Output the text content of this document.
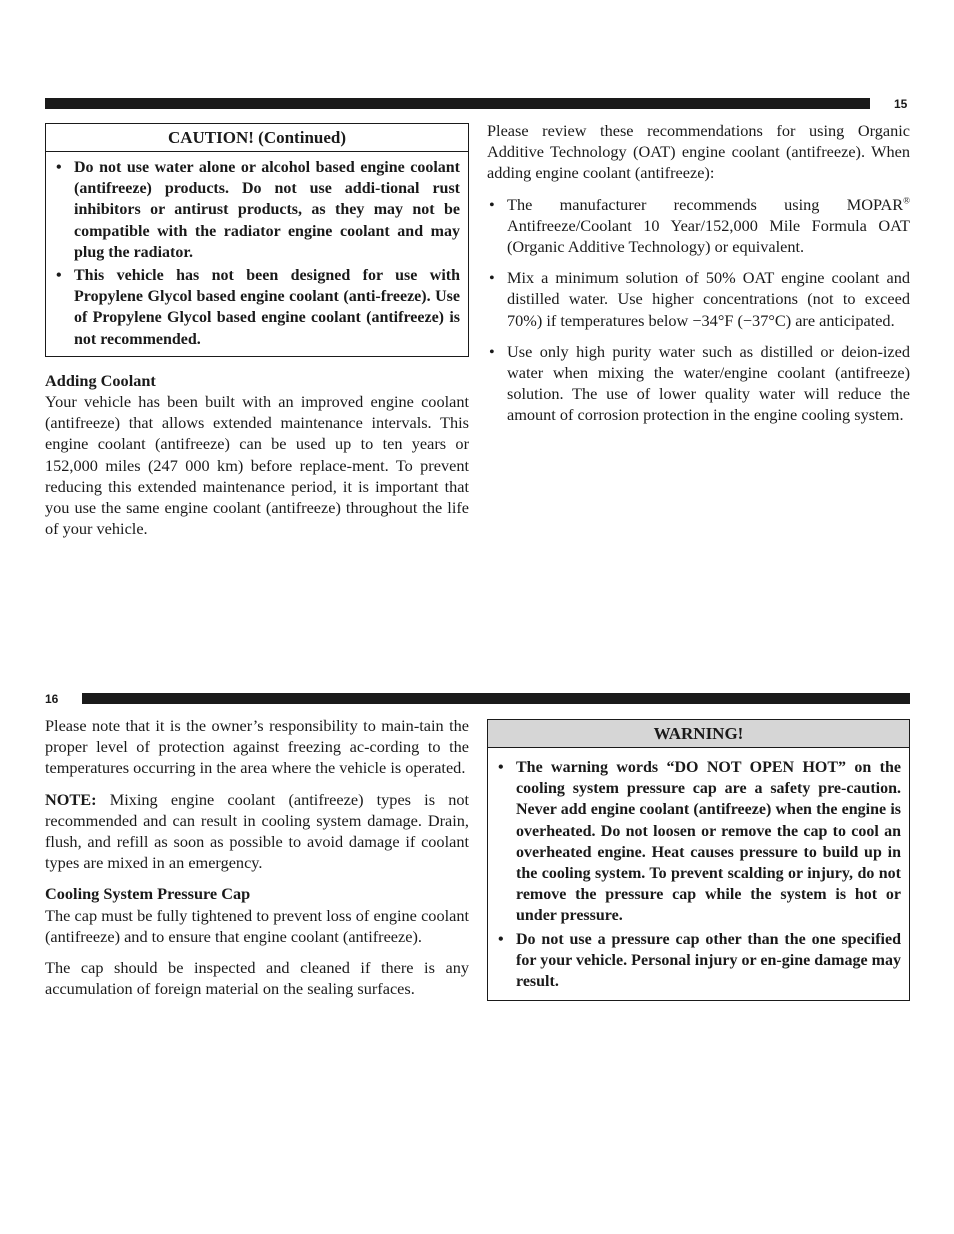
15
CAUTION! (Continued)
• Do not use water alone or alcohol based engine coolant (antifreeze) products. Do not use addi-tional rust inhibitors or antirust products, as they may not be compatible with the radiator engine coolant and may plug the radiator.
• This vehicle has not been designed for use with Propylene Glycol based engine coolant (anti-freeze). Use of Propylene Glycol based engine coolant (antifreeze) is not recommended.

Adding Coolant
Your vehicle has been built with an improved engine coolant (antifreeze) that allows extended maintenance intervals. This engine coolant (antifreeze) can be used up to ten years or 152,000 miles (247 000 km) before replace-ment. To prevent reducing this extended maintenance period, it is important that you use the same engine coolant (antifreeze) throughout the life of your vehicle.

Please review these recommendations for using Organic Additive Technology (OAT) engine coolant (antifreeze). When adding engine coolant (antifreeze):

• The manufacturer recommends using MOPAR® Antifreeze/Coolant 10 Year/152,000 Mile Formula OAT (Organic Additive Technology) or equivalent.
• Mix a minimum solution of 50% OAT engine coolant and distilled water. Use higher concentrations (not to exceed 70%) if temperatures below −34°F (−37°C) are anticipated.
• Use only high purity water such as distilled or deion-ized water when mixing the water/engine coolant (antifreeze) solution. The use of lower quality water will reduce the amount of corrosion protection in the engine cooling system.
16

Please note that it is the owner’s responsibility to main-tain the proper level of protection against freezing ac-cording to the temperatures occurring in the area where the vehicle is operated.

NOTE: Mixing engine coolant (antifreeze) types is not recommended and can result in cooling system damage. Drain, flush, and refill as soon as possible to avoid damage if coolant types are mixed in an emergency.

Cooling System Pressure Cap
The cap must be fully tightened to prevent loss of engine coolant (antifreeze) and to ensure that engine coolant (antifreeze).

The cap should be inspected and cleaned if there is any accumulation of foreign material on the sealing surfaces.

WARNING!
• The warning words “DO NOT OPEN HOT” on the cooling system pressure cap are a safety pre-caution. Never add engine coolant (antifreeze) when the engine is overheated. Do not loosen or remove the cap to cool an overheated engine. Heat causes pressure to build up in the cooling system. To prevent scalding or injury, do not remove the pressure cap while the system is hot or under pressure.
• Do not use a pressure cap other than the one specified for your vehicle. Personal injury or en-gine damage may result.
